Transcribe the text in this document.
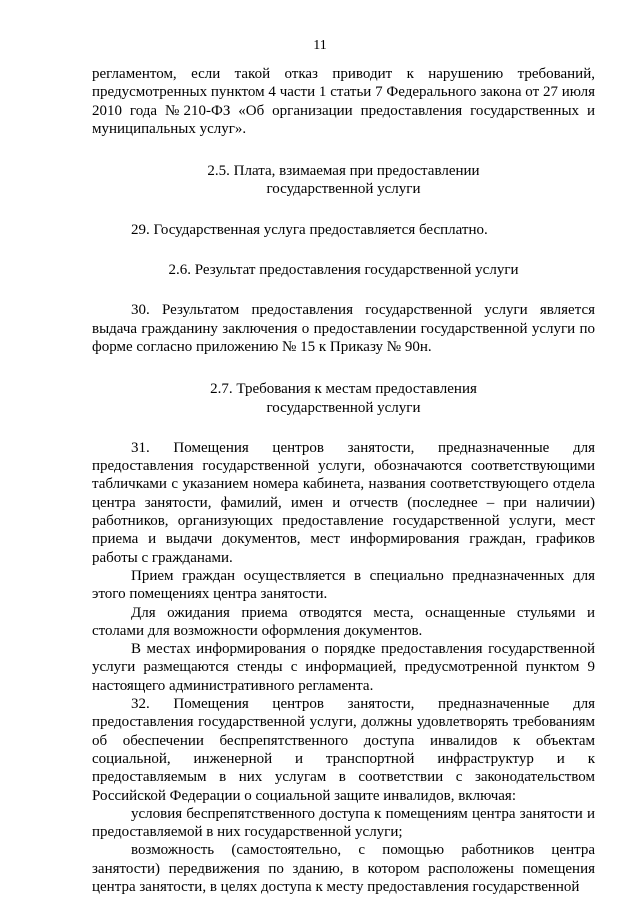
11

регламентом, если такой отказ приводит к нарушению требований, предусмотренных пунктом 4 части 1 статьи 7 Федерального закона от 27 июля 2010 года №210-ФЗ «Об организации предоставления государственных и муниципальных услуг».

2.5. Плата, взимаемая при предоставлении
государственной услуги

29. Государственная услуга предоставляется бесплатно.

2.6. Результат предоставления государственной услуги

30. Результатом предоставления государственной услуги является выдача гражданину заключения о предоставлении государственной услуги по форме согласно приложению № 15 к Приказу № 90н.

2.7. Требования к местам предоставления
государственной услуги

31. Помещения центров занятости, предназначенные для предоставления государственной услуги, обозначаются соответствующими табличками с указанием номера кабинета, названия соответствующего отдела центра занятости, фамилий, имен и отчеств (последнее – при наличии) работников, организующих предоставление государственной услуги, мест приема и выдачи документов, мест информирования граждан, графиков работы с гражданами.

Прием граждан осуществляется в специально предназначенных для этого помещениях центра занятости.

Для ожидания приема отводятся места, оснащенные стульями и столами для возможности оформления документов.

В местах информирования о порядке предоставления государственной услуги размещаются стенды с информацией, предусмотренной пунктом 9 настоящего административного регламента.

32. Помещения центров занятости, предназначенные для предоставления государственной услуги, должны удовлетворять требованиям об обеспечении беспрепятственного доступа инвалидов к объектам социальной, инженерной и транспортной инфраструктур и к предоставляемым в них услугам в соответствии с законодательством Российской Федерации о социальной защите инвалидов, включая:

условия беспрепятственного доступа к помещениям центра занятости и предоставляемой в них государственной услуги;

возможность (самостоятельно, с помощью работников центра занятости) передвижения по зданию, в котором расположены помещения центра занятости, в целях доступа к месту предоставления государственной
